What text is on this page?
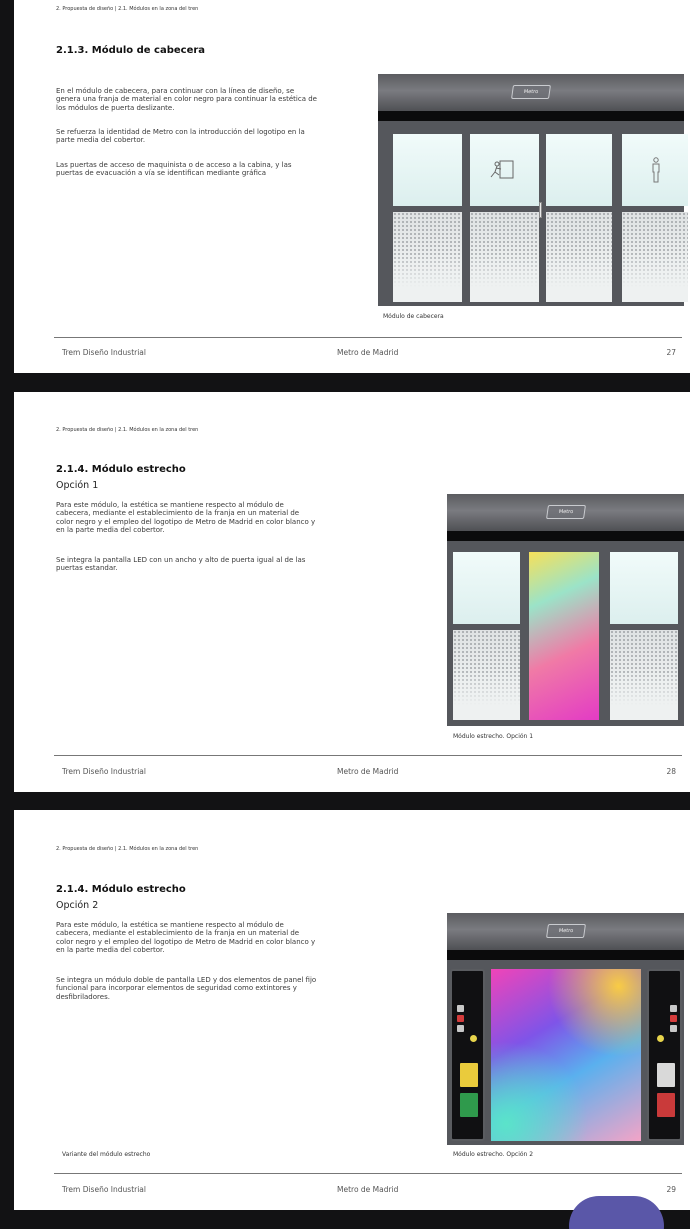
2. Propuesta de diseño | 2.1. Módulos en la zona del tren
2.1.3. Módulo de cabecera
En el módulo de cabecera, para continuar con la línea de diseño, se genera una franja de material en color negro para continuar la estética de los módulos de puerta deslizante.
Se refuerza la identidad de Metro con la introducción del logotipo en la parte media del cobertor.
Las puertas de acceso de maquinista o de acceso a la cabina, y las puertas de evacuación a vía se identifican mediante gráfica
Metro
Módulo de cabecera
Trem Diseño Industrial	Metro de Madrid	27
2. Propuesta de diseño | 2.1. Módulos en la zona del tren
2.1.4. Módulo estrecho
Opción 1
Para este módulo, la estética se mantiene respecto al módulo de cabecera, mediante el establecimiento de la franja en un material de color negro y el empleo del logotipo de Metro de Madrid en color blanco y en la parte media del cobertor.
Se integra la pantalla LED con un ancho y alto de puerta igual al de las puertas estandar.
Metro
Módulo estrecho. Opción 1
Trem Diseño Industrial	Metro de Madrid	28
2. Propuesta de diseño | 2.1. Módulos en la zona del tren
2.1.4. Módulo estrecho
Opción 2
Para este módulo, la estética se mantiene respecto al módulo de cabecera, mediante el establecimiento de la franja en un material de color negro y el empleo del logotipo de Metro de Madrid en color blanco y en la parte media del cobertor.
Se integra un módulo doble de pantalla LED y dos elementos de panel fijo funcional para incorporar elementos de seguridad como extintores y desfibriladores.
Metro
Variante del módulo estrecho	Módulo estrecho. Opción 2
Trem Diseño Industrial	Metro de Madrid	29
